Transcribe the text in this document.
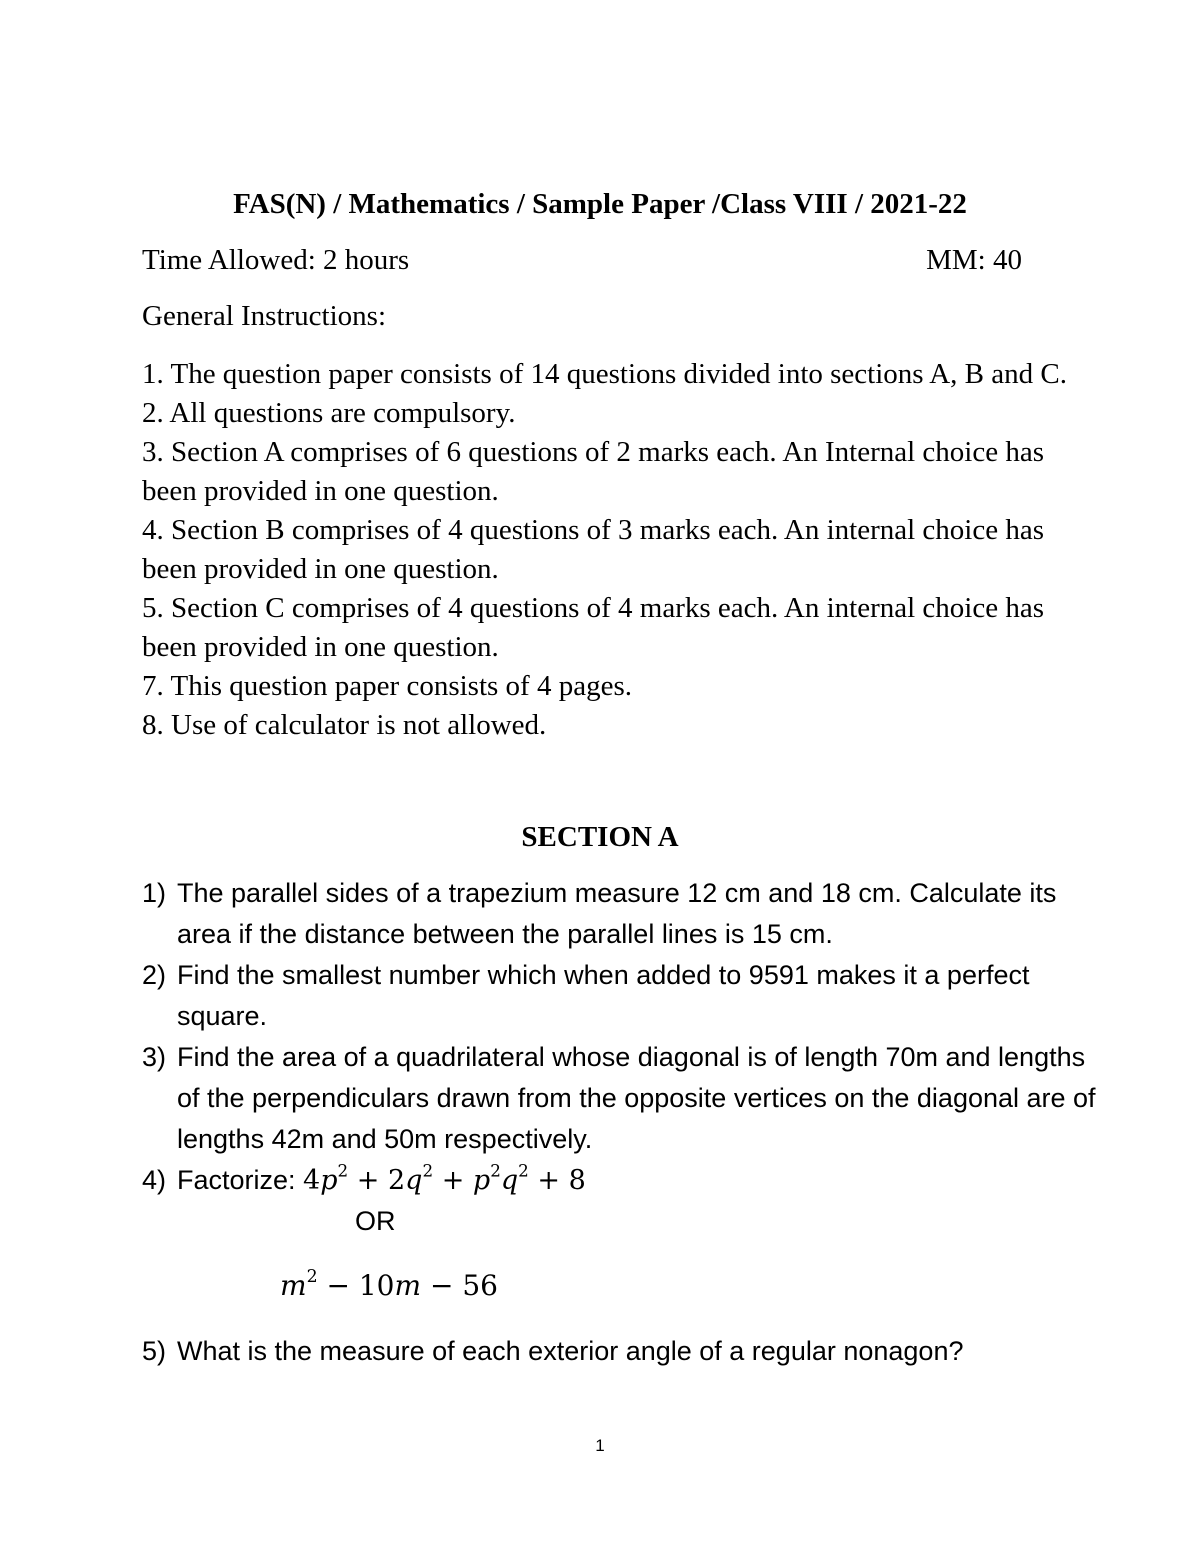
FAS(N) / Mathematics / Sample Paper /Class VIII / 2021-22
Time Allowed: 2 hours	MM: 40
General Instructions:
1. The question paper consists of 14 questions divided into sections A, B and C.
2. All questions are compulsory.
3. Section A comprises of 6 questions of 2 marks each. An Internal choice has been provided in one question.
4. Section B comprises of 4 questions of 3 marks each. An internal choice has been provided in one question.
5. Section C comprises of 4 questions of 4 marks each. An internal choice has been provided in one question.
7. This question paper consists of 4 pages.
8. Use of calculator is not allowed.
SECTION A
1) The parallel sides of a trapezium measure 12 cm and 18 cm. Calculate its area if the distance between the parallel lines is 15 cm.
2) Find the smallest number which when added to 9591 makes it a perfect square.
3) Find the area of a quadrilateral whose diagonal is of length 70m and lengths of the perpendiculars drawn from the opposite vertices on the diagonal are of lengths 42m and 50m respectively.
4) Factorize: $4p^2 + 2q^2 + p^2q^2 + 8$
OR
$m^2 - 10m - 56$
5) What is the measure of each exterior angle of a regular nonagon?
1
